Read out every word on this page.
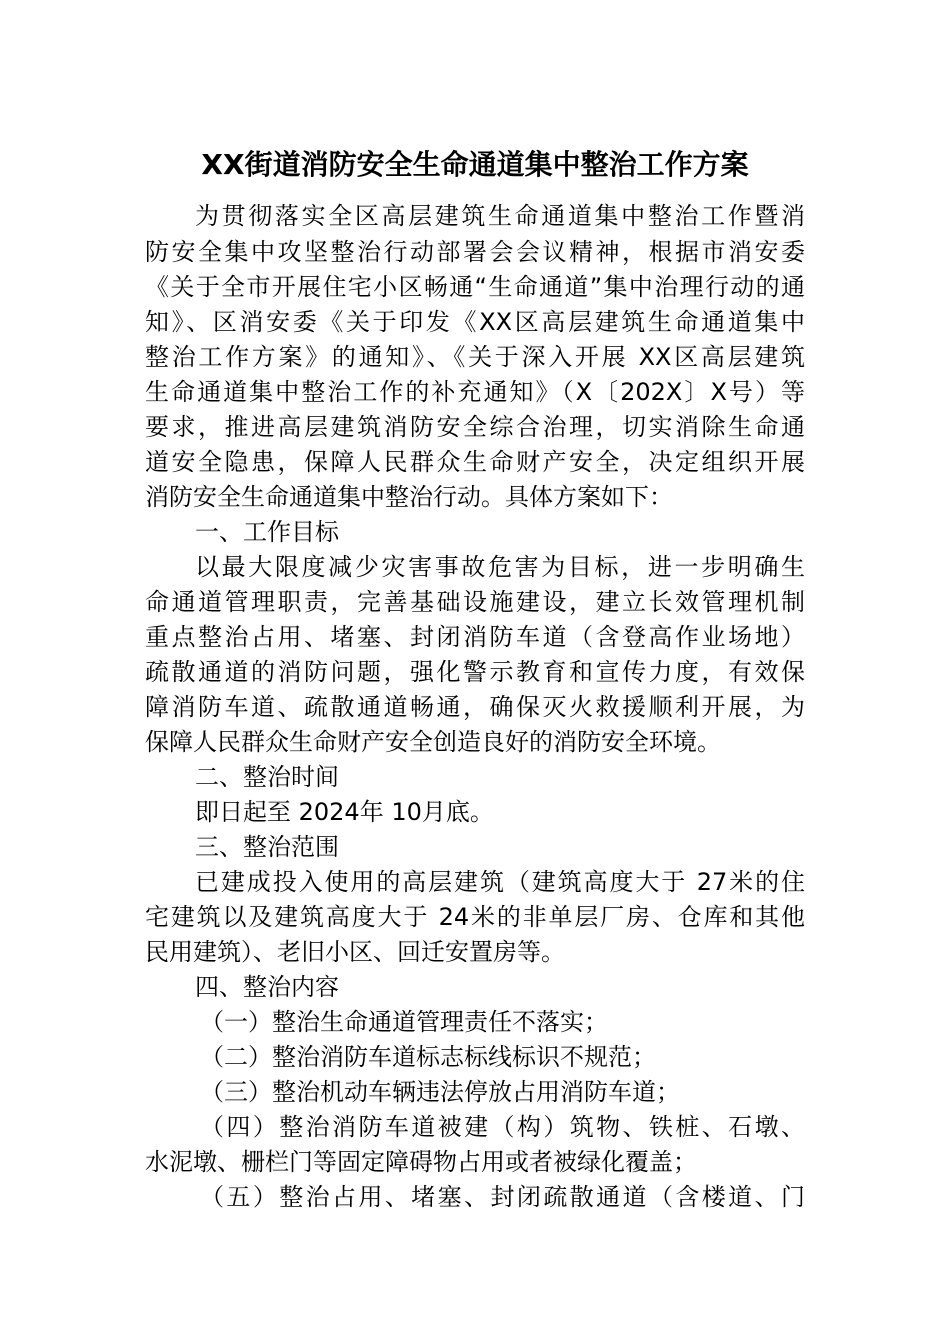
XX街道消防安全生命通道集中整治工作方案

为贯彻落实全区高层建筑生命通道集中整治工作暨消

防安全集中攻坚整治行动部署会会议精神，根据市消安委

《关于全市开展住宅小区畅通“生命通道”集中治理行动的通

知》、区消安委《关于印发《XX区高层建筑生命通道集中

整治工作方案》的通知》、《关于深入开展 XX区高层建筑

生命通道集中整治工作的补充通知》（X〔202X〕X号）等

要求，推进高层建筑消防安全综合治理，切实消除生命通

道安全隐患，保障人民群众生命财产安全，决定组织开展

消防安全生命通道集中整治行动。具体方案如下：

一、工作目标

以最大限度减少灾害事故危害为目标，进一步明确生

命通道管理职责，完善基础设施建设，建立长效管理机制

重点整治占用、堵塞、封闭消防车道（含登高作业场地）

疏散通道的消防问题，强化警示教育和宣传力度，有效保

障消防车道、疏散通道畅通，确保灭火救援顺利开展，为

保障人民群众生命财产安全创造良好的消防安全环境。

二、整治时间

即日起至 2024年 10月底。

三、整治范围

已建成投入使用的高层建筑（建筑高度大于 27米的住

宅建筑以及建筑高度大于 24米的非单层厂房、仓库和其他

民用建筑）、老旧小区、回迁安置房等。

四、整治内容

（一）整治生命通道管理责任不落实；

（二）整治消防车道标志标线标识不规范；

（三）整治机动车辆违法停放占用消防车道；

（四）整治消防车道被建（构）筑物、铁桩、石墩、

水泥墩、栅栏门等固定障碍物占用或者被绿化覆盖；

（五）整治占用、堵塞、封闭疏散通道（含楼道、门
